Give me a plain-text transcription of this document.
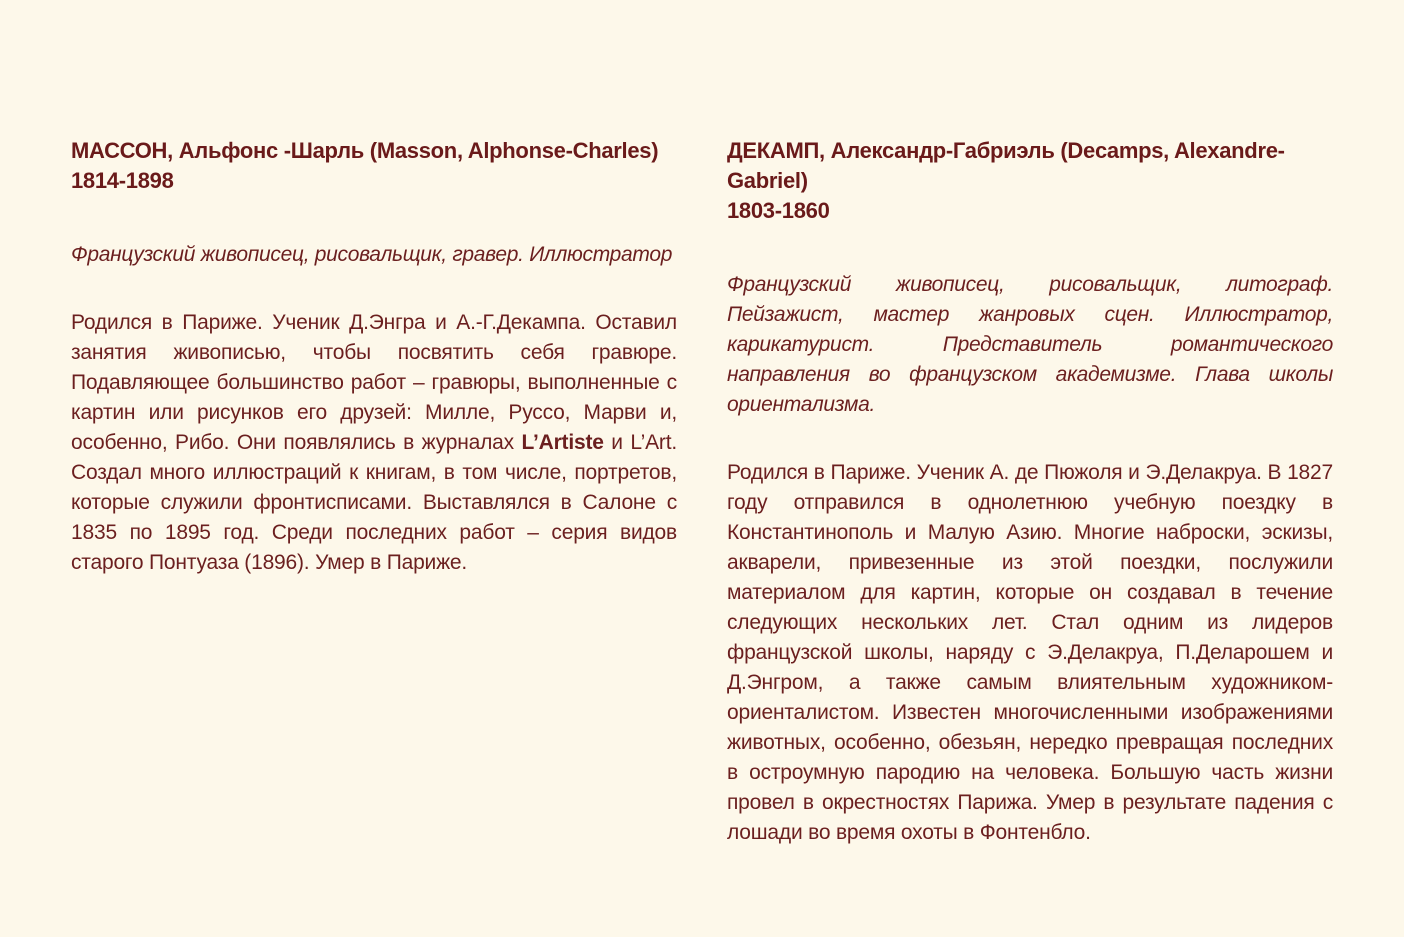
МАССОН, Альфонс -Шарль (Masson, Alphonse-Charles)
1814-1898

Французский живописец, рисовальщик, гравер. Иллюстратор

Родился в Париже. Ученик Д.Энгра и А.-Г.Декампа. Оставил занятия живописью, чтобы посвятить себя гравюре. Подавляющее большинство работ – гравюры, выполненные с картин или рисунков его друзей: Милле, Руссо, Марви и, особенно, Рибо. Они появлялись в журналах L’Artiste и L’Art. Создал много иллюстраций к книгам, в том числе, портретов, которые служили фронтисписами. Выставлялся в Салоне с 1835 по 1895 год. Среди последних работ – серия видов старого Понтуаза (1896). Умер в Париже.

ДЕКАМП, Александр-Габриэль (Decamps, Alexandre-Gabriel)
1803-1860

Французский живописец, рисовальщик, литограф. Пейзажист, мастер жанровых сцен. Иллюстратор, карикатурист. Представитель романтического направления во французском академизме. Глава школы ориентализма.

Родился в Париже. Ученик А. де Пюжоля и Э.Делакруа. В 1827 году отправился в однолетнюю учебную поездку в Константинополь и Малую Азию. Многие наброски, эскизы, акварели, привезенные из этой поездки, послужили материалом для картин, которые он создавал в течение следующих нескольких лет. Стал одним из лидеров французской школы, наряду с Э.Делакруа, П.Деларошем и Д.Энгром, а также самым влиятельным художником-ориенталистом. Известен многочисленными изображениями животных, особенно, обезьян, нередко превращая последних в остроумную пародию на человека. Большую часть жизни провел в окрестностях Парижа. Умер в результате падения с лошади во время охоты в Фонтенбло.
